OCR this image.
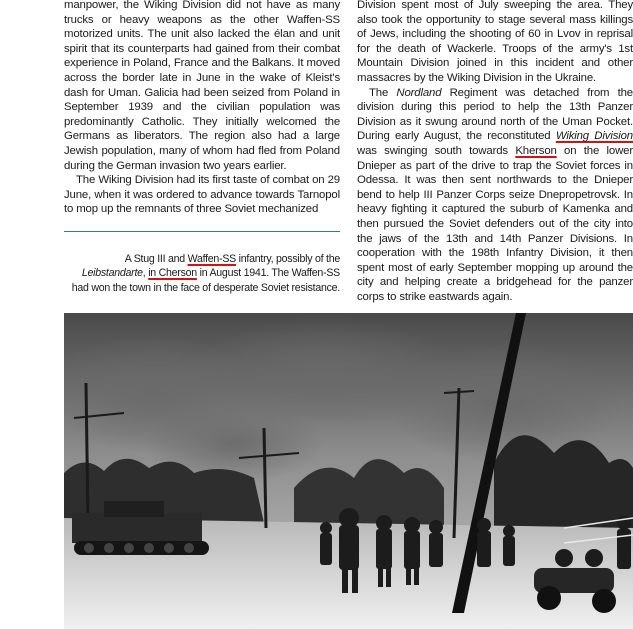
manpower, the Wiking Division did not have as many trucks or heavy weapons as the other Waffen-SS motorized units. The unit also lacked the élan and unit spirit that its counterparts had gained from their combat experience in Poland, France and the Balkans. It moved across the border late in June in the wake of Kleist's dash for Uman. Galicia had been seized from Poland in September 1939 and the civilian population was predominantly Catholic. They initially welcomed the Germans as liberators. The region also had a large Jewish population, many of whom had fled from Poland during the German invasion two years earlier.

The Wiking Division had its first taste of combat on 29 June, when it was ordered to advance towards Tarnopol to mop up the remnants of three Soviet mechanized

A Stug III and Waffen-SS infantry, possibly of the Leibstandarte, in Cherson in August 1941. The Waffen-SS had won the town in the face of desperate Soviet resistance.

Division spent most of July sweeping the area. They also took the opportunity to stage several mass killings of Jews, including the shooting of 60 in Lvov in reprisal for the death of Wackerle. Troops of the army's 1st Mountain Division joined in this incident and other massacres by the Wiking Division in the Ukraine.

The Nordland Regiment was detached from the division during this period to help the 13th Panzer Division as it swung around north of the Uman Pocket. During early August, the reconstituted Wiking Division was swinging south towards Kherson on the lower Dnieper as part of the drive to trap the Soviet forces in Odessa. It was then sent northwards to the Dnieper bend to help III Panzer Corps seize Dnepropetrovsk. In heavy fighting it captured the suburb of Kamenka and then pursued the Soviet defenders out of the city into the jaws of the 13th and 14th Panzer Divisions. In cooperation with the 198th Infantry Division, it then spent most of early September mopping up around the city and helping create a bridgehead for the panzer corps to strike eastwards again.
